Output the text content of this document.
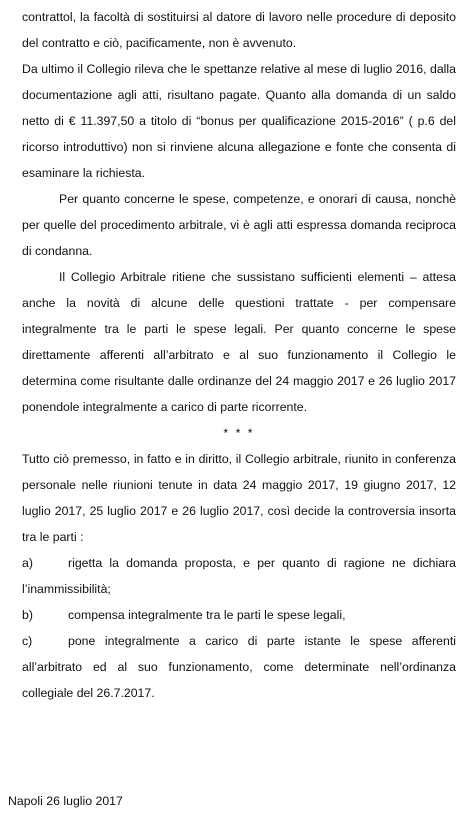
contrattol, la facoltà di sostituirsi al datore di lavoro nelle procedure di deposito del contratto e ciò, pacificamente, non è avvenuto.

Da ultimo il Collegio rileva che le spettanze relative al mese di luglio 2016, dalla documentazione agli atti, risultano pagate. Quanto alla domanda di un saldo netto di € 11.397,50 a titolo di “bonus per qualificazione 2015-2016” ( p.6 del ricorso introduttivo) non si rinviene alcuna allegazione e fonte che consenta di esaminare la richiesta.

Per quanto concerne le spese, competenze, e onorari di causa, nonchè per quelle del procedimento arbitrale, vi è agli atti espressa domanda reciproca di condanna.

Il Collegio Arbitrale ritiene che sussistano sufficienti elementi – attesa anche la novità di alcune delle questioni trattate - per compensare integralmente tra le parti le spese legali. Per quanto concerne le spese direttamente afferenti all’arbitrato e al suo funzionamento il Collegio le determina come risultante dalle ordinanze del 24 maggio 2017 e 26 luglio 2017 ponendole integralmente a carico di parte ricorrente.

* * *

Tutto ciò premesso, in fatto e in diritto, il Collegio arbitrale, riunito in conferenza personale nelle riunioni tenute in data 24 maggio 2017, 19 giugno 2017, 12 luglio 2017, 25 luglio 2017 e 26 luglio 2017, così decide la controversia insorta tra le parti :

a)	rigetta la domanda proposta, e per quanto di ragione ne dichiara l’inammissibilità;

b)	compensa integralmente tra le parti le spese legali,

c)	pone integralmente a carico di parte istante le spese afferenti all’arbitrato ed al suo funzionamento, come determinate nell’ordinanza collegiale del 26.7.2017.

Napoli 26 luglio 2017
